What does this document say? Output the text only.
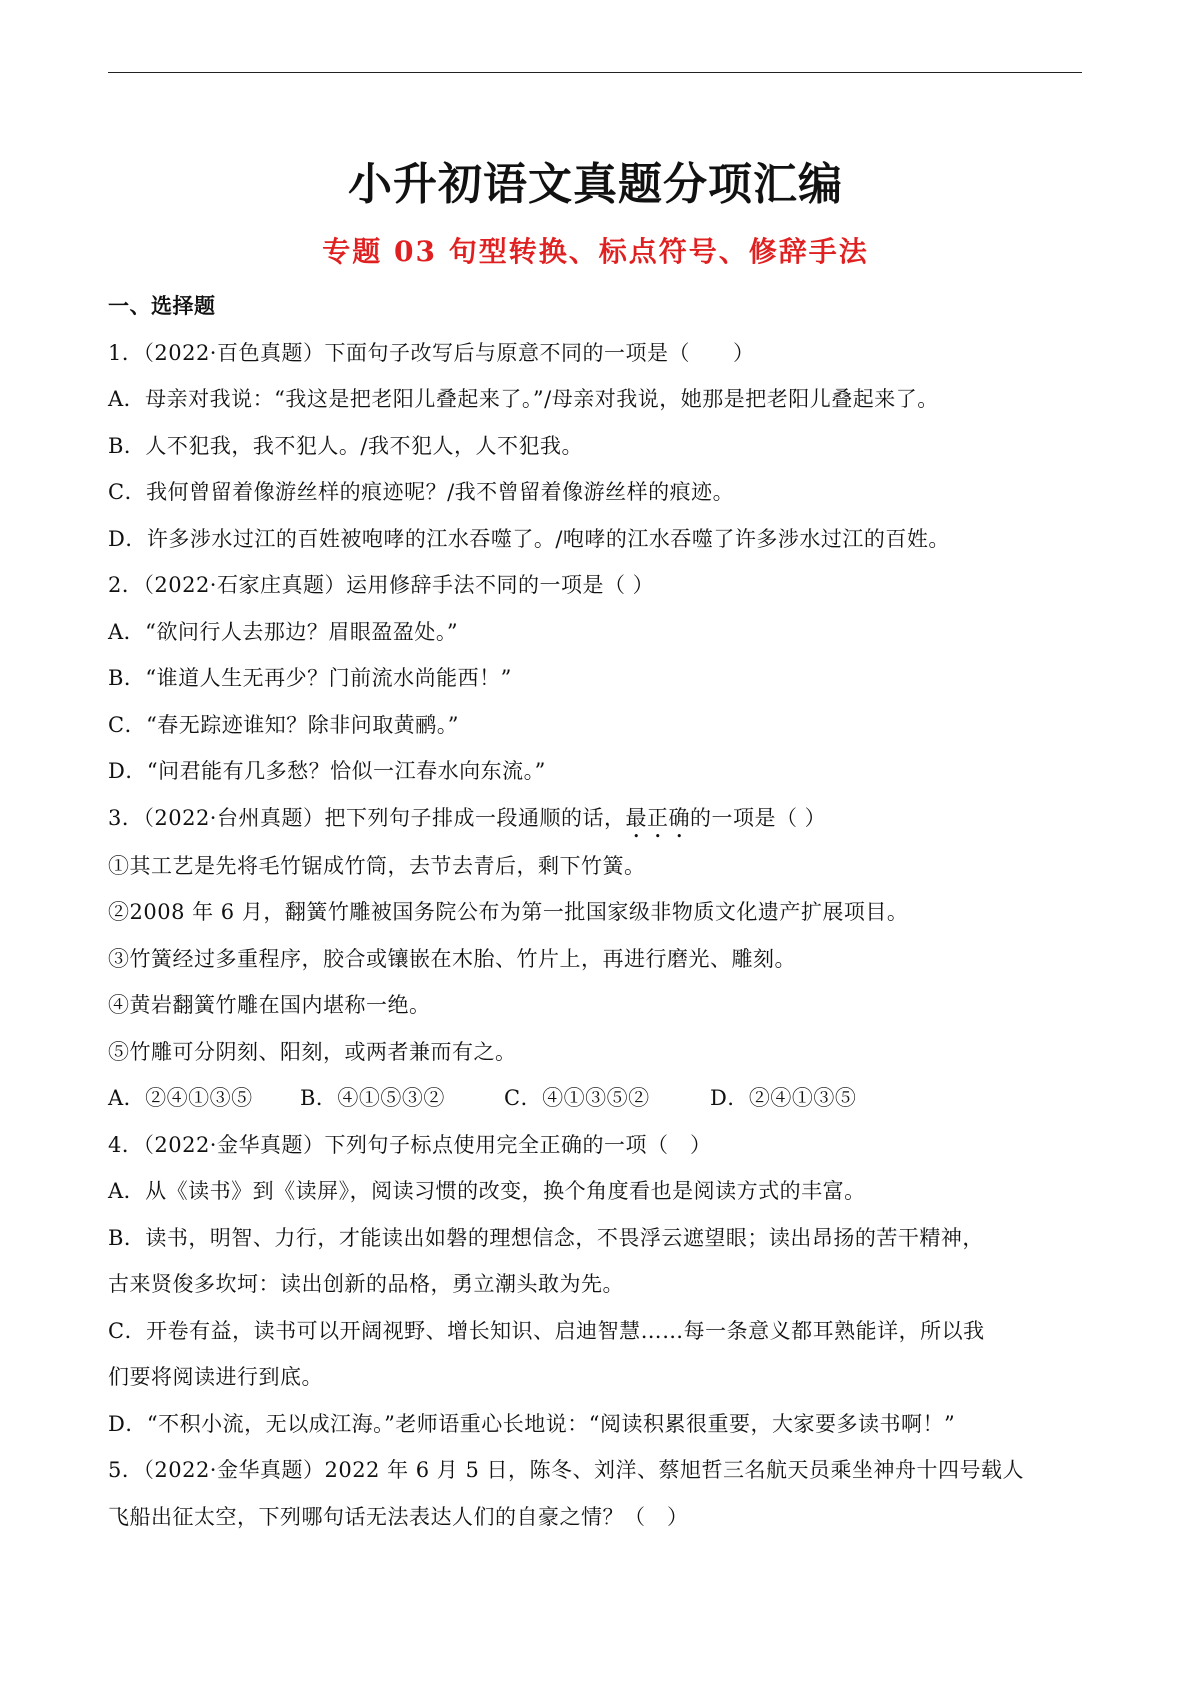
小升初语文真题分项汇编
专题 03 句型转换、标点符号、修辞手法
一、选择题
1．（2022·百色真题）下面句子改写后与原意不同的一项是（　　）
A．母亲对我说：“我这是把老阳儿叠起来了。”/母亲对我说，她那是把老阳儿叠起来了。
B．人不犯我，我不犯人。/我不犯人，人不犯我。
C．我何曾留着像游丝样的痕迹呢？/我不曾留着像游丝样的痕迹。
D．许多涉水过江的百姓被咆哮的江水吞噬了。/咆哮的江水吞噬了许多涉水过江的百姓。
2．（2022·石家庄真题）运用修辞手法不同的一项是（ ）
A．“欲问行人去那边？眉眼盈盈处。”
B．“谁道人生无再少？门前流水尚能西！”
C．“春无踪迹谁知？除非问取黄鹂。”
D．“问君能有几多愁？恰似一江春水向东流。”
3．（2022·台州真题）把下列句子排成一段通顺的话，最正确的一项是（ ）
①其工艺是先将毛竹锯成竹筒，去节去青后，剩下竹簧。
②2008 年 6 月，翻簧竹雕被国务院公布为第一批国家级非物质文化遗产扩展项目。
③竹簧经过多重程序，胶合或镶嵌在木胎、竹片上，再进行磨光、雕刻。
④黄岩翻簧竹雕在国内堪称一绝。
⑤竹雕可分阴刻、阳刻，或两者兼而有之。
A．②④①③⑤ B．④①⑤③②	C．④①③⑤②	D．②④①③⑤
4．（2022·金华真题）下列句子标点使用完全正确的一项（　）
A．从《读书》到《读屏》，阅读习惯的改变，换个角度看也是阅读方式的丰富。
B．读书，明智、力行，才能读出如磐的理想信念，不畏浮云遮望眼；读出昂扬的苦干精神，
古来贤俊多坎坷：读出创新的品格，勇立潮头敢为先。
C．开卷有益，读书可以开阔视野、增长知识、启迪智慧……每一条意义都耳熟能详，所以我
们要将阅读进行到底。
D．“不积小流，无以成江海。”老师语重心长地说：“阅读积累很重要，大家要多读书啊！”
5．（2022·金华真题）2022 年 6 月 5 日，陈冬、刘洋、蔡旭哲三名航天员乘坐神舟十四号载人
飞船出征太空，下列哪句话无法表达人们的自豪之情？（　）
